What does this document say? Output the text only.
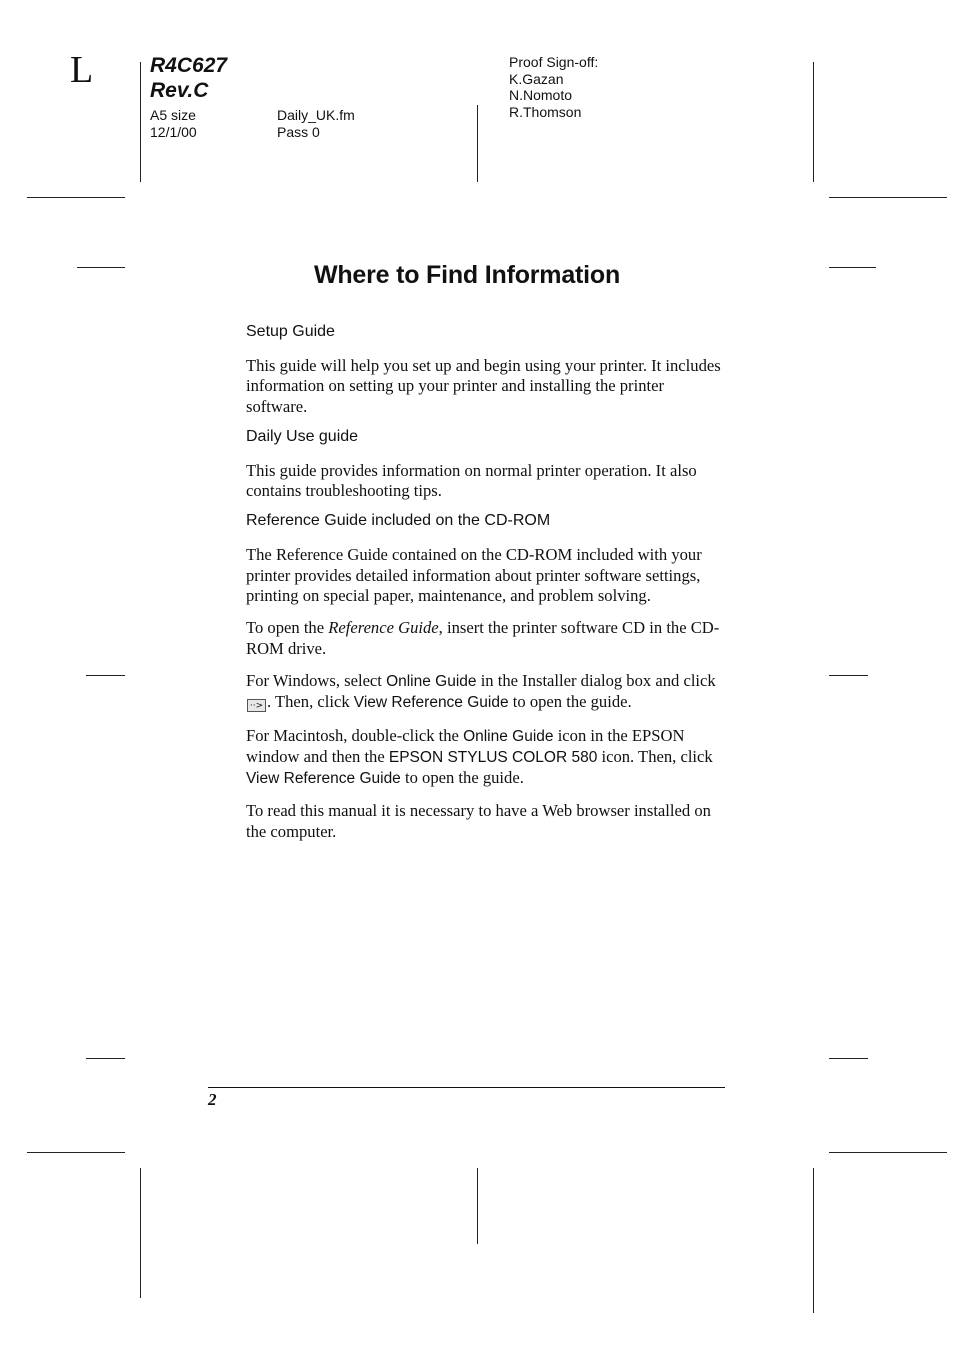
L	R4C627
Rev.C
A5 size
12/1/00
Daily_UK.fm
Pass 0
Proof Sign-off:
K.Gazan
N.Nomoto
R.Thomson
Where to Find Information
Setup Guide

This guide will help you set up and begin using your printer. It includes information on setting up your printer and installing the printer software.

Daily Use guide

This guide provides information on normal printer operation. It also contains troubleshooting tips.

Reference Guide included on the CD-ROM

The Reference Guide contained on the CD-ROM included with your printer provides detailed information about printer software settings, printing on special paper, maintenance, and problem solving.

To open the Reference Guide, insert the printer software CD in the CD-ROM drive.

For Windows, select Online Guide in the Installer dialog box and click ··> . Then, click View Reference Guide to open the guide.

For Macintosh, double-click the Online Guide icon in the EPSON window and then the EPSON STYLUS COLOR 580 icon. Then, click View Reference Guide to open the guide.

To read this manual it is necessary to have a Web browser installed on the computer.

2
